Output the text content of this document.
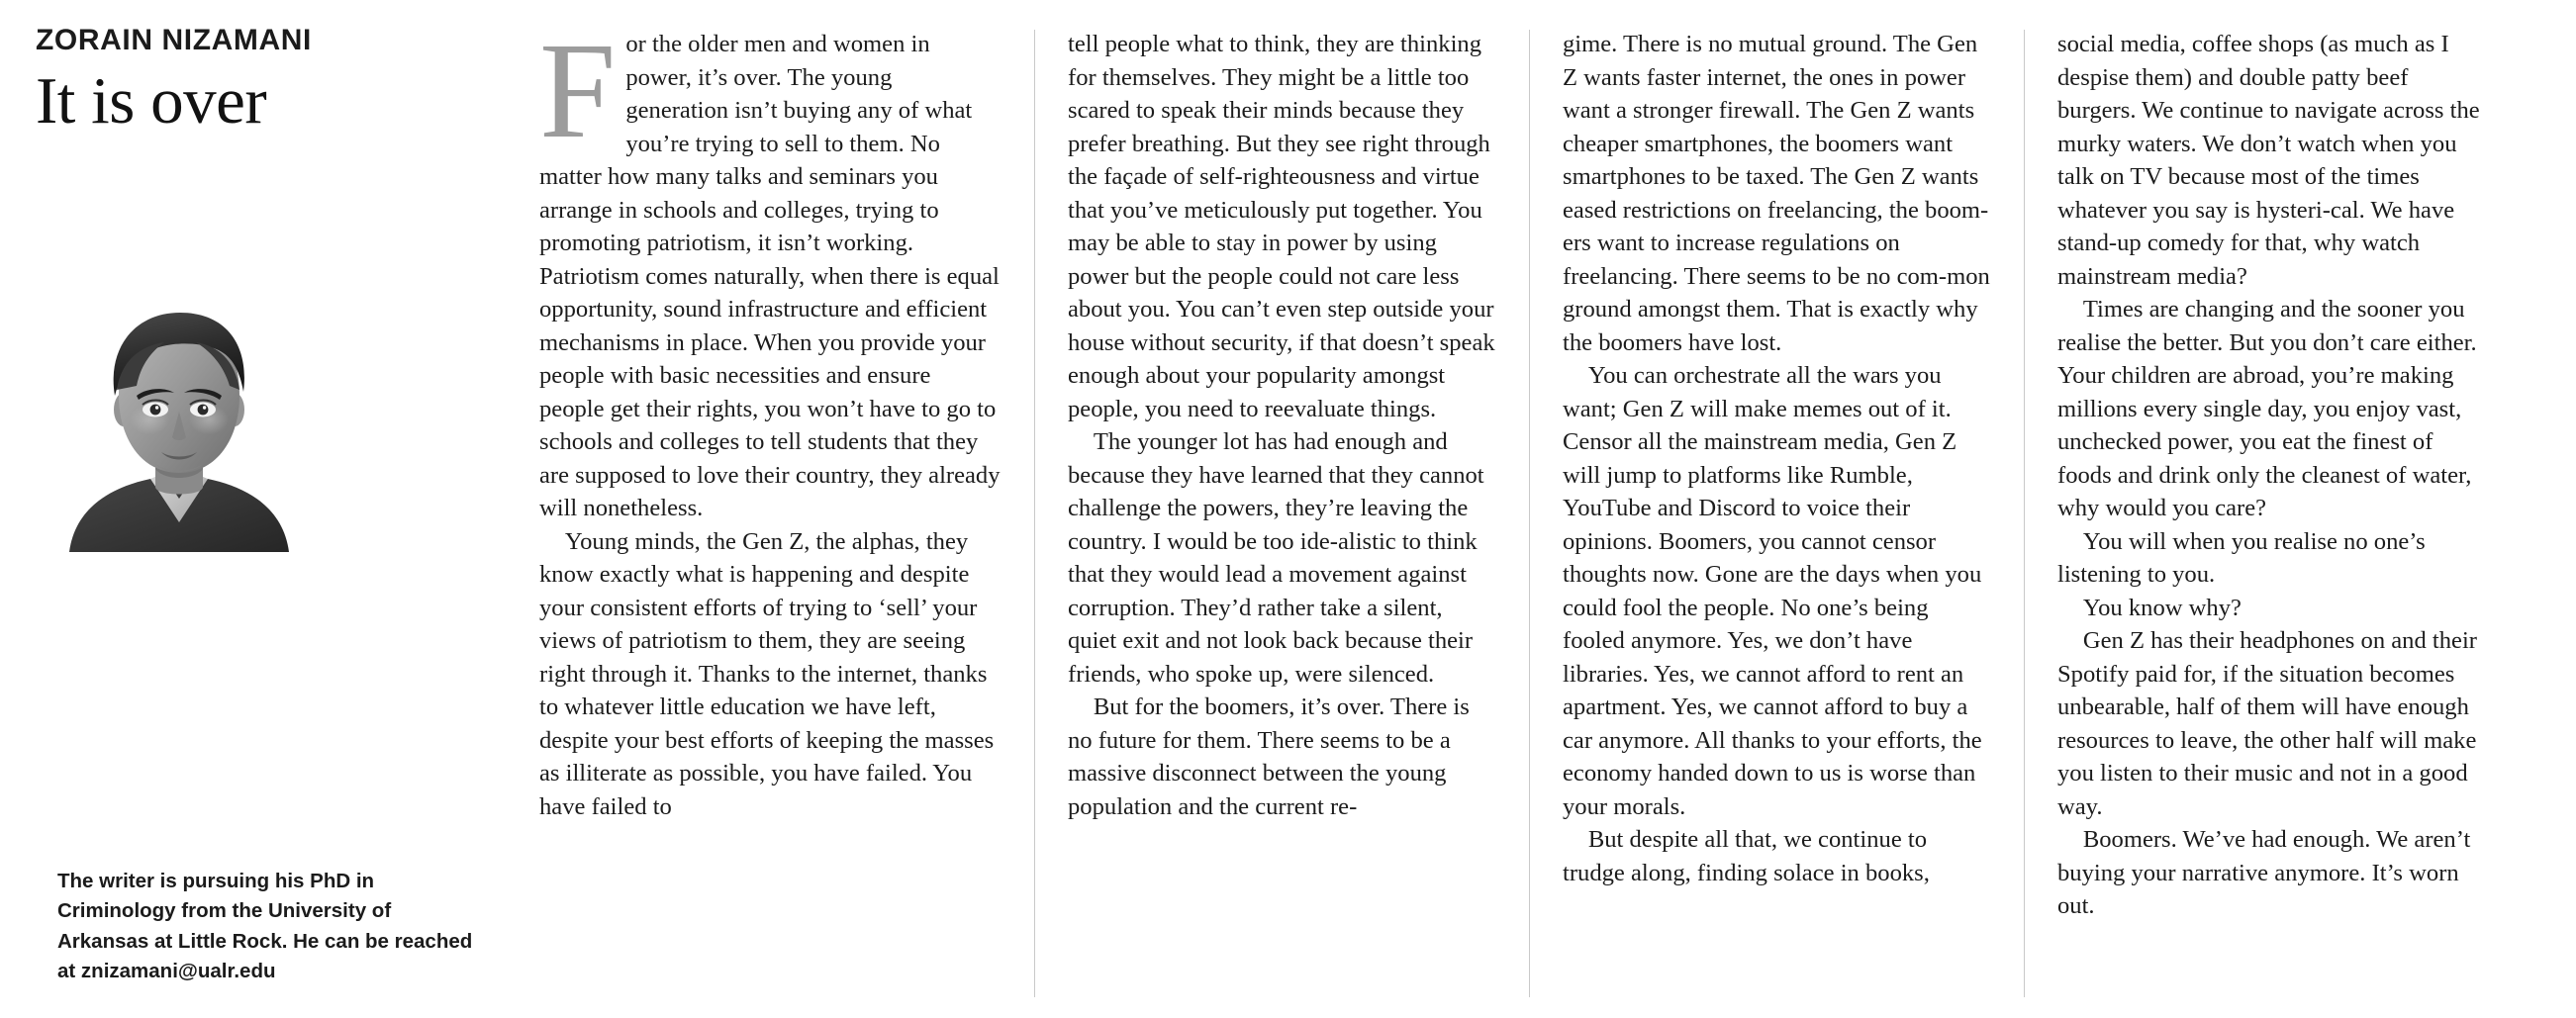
ZORAIN NIZAMANI
It is over
The writer is pursuing his PhD in Criminology from the University of Arkansas at Little Rock. He can be reached at znizamani@ualr.edu

For the older men and women in power, it’s over. The young generation isn’t buying any of what you’re trying to sell to them. No matter how many talks and seminars you arrange in schools and colleges, trying to promoting patriotism, it isn’t working. Patriotism comes naturally, when there is equal opportunity, sound infrastructure and efficient mechanisms in place. When you provide your people with basic necessities and ensure people get their rights, you won’t have to go to schools and colleges to tell students that they are supposed to love their country, they already will nonetheless.

Young minds, the Gen Z, the alphas, they know exactly what is happening and despite your consistent efforts of trying to ‘sell’ your views of patriotism to them, they are seeing right through it. Thanks to the internet, thanks to whatever little education we have left, despite your best efforts of keeping the masses as illiterate as possible, you have failed. You have failed to

tell people what to think, they are thinking for themselves. They might be a little too scared to speak their minds because they prefer breathing. But they see right through the façade of self-righteousness and virtue that you’ve meticulously put together. You may be able to stay in power by using power but the people could not care less about you. You can’t even step outside your house without security, if that doesn’t speak enough about your popularity amongst people, you need to reevaluate things.

The younger lot has had enough and because they have learned that they cannot challenge the powers, they’re leaving the country. I would be too ide-alistic to think that they would lead a movement against corruption. They’d rather take a silent, quiet exit and not look back because their friends, who spoke up, were silenced.

But for the boomers, it’s over. There is no future for them. There seems to be a massive disconnect between the young population and the current re-

gime. There is no mutual ground. The Gen Z wants faster internet, the ones in power want a stronger firewall. The Gen Z wants cheaper smartphones, the boomers want smartphones to be taxed. The Gen Z wants eased restrictions on freelancing, the boom-ers want to increase regulations on freelancing. There seems to be no com-mon ground amongst them. That is exactly why the boomers have lost.

You can orchestrate all the wars you want; Gen Z will make memes out of it. Censor all the mainstream media, Gen Z will jump to platforms like Rumble, YouTube and Discord to voice their opinions. Boomers, you cannot censor thoughts now. Gone are the days when you could fool the people. No one’s being fooled anymore. Yes, we don’t have libraries. Yes, we cannot afford to rent an apartment. Yes, we cannot afford to buy a car anymore. All thanks to your efforts, the economy handed down to us is worse than your morals.

But despite all that, we continue to trudge along, finding solace in books,

social media, coffee shops (as much as I despise them) and double patty beef burgers. We continue to navigate across the murky waters. We don’t watch when you talk on TV because most of the times whatever you say is hysteri-cal. We have stand-up comedy for that, why watch mainstream media?

Times are changing and the sooner you realise the better. But you don’t care either. Your children are abroad, you’re making millions every single day, you enjoy vast, unchecked power, you eat the finest of foods and drink only the cleanest of water, why would you care?

You will when you realise no one’s listening to you.

You know why?

Gen Z has their headphones on and their Spotify paid for, if the situation becomes unbearable, half of them will have enough resources to leave, the other half will make you listen to their music and not in a good way.

Boomers. We’ve had enough. We aren’t buying your narrative anymore. It’s worn out.
